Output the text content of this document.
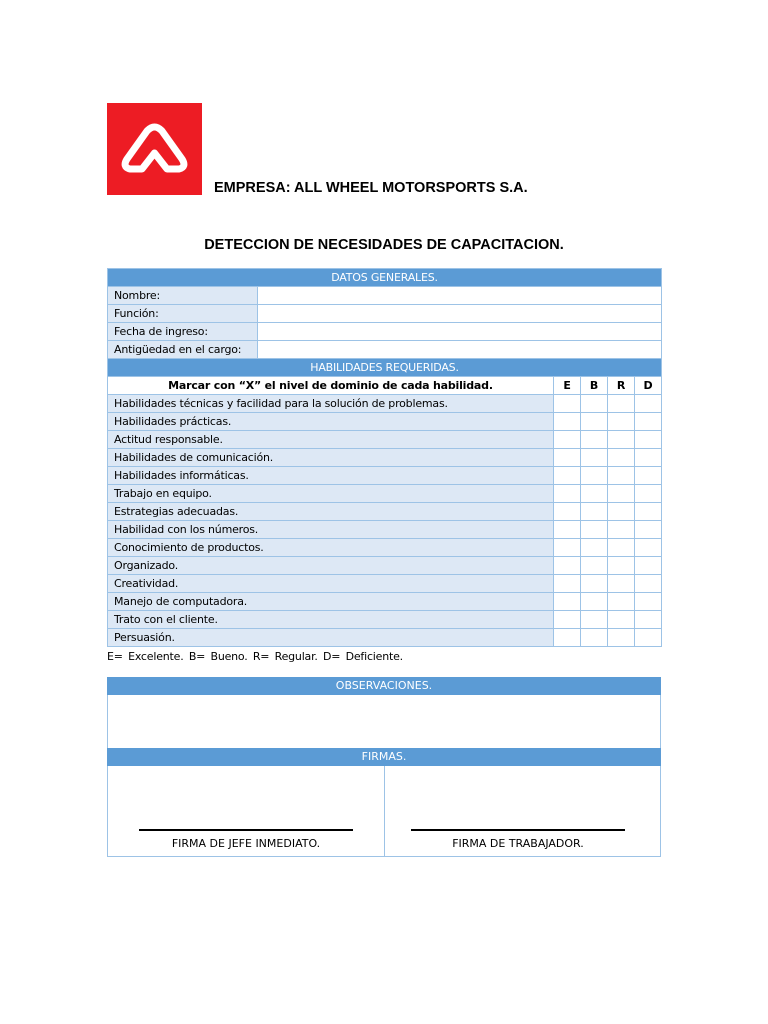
EMPRESA: ALL WHEEL MOTORSPORTS S.A.
DETECCION DE NECESIDADES DE CAPACITACION.
DATOS GENERALES.					
Nombre:					
Función:					
Fecha de ingreso:					
Antigüedad en el cargo:					
HABILIDADES REQUERIDAS.					
Marcar con “X” el nivel de dominio de cada habilidad.		E	B	R	D
Habilidades técnicas y facilidad para la solución de problemas.					
Habilidades prácticas.					
Actitud responsable.					
Habilidades de comunicación.					
Habilidades informáticas.					
Trabajo en equipo.					
Estrategias adecuadas.					
Habilidad con los números.					
Conocimiento de productos.					
Organizado.					
Creatividad.					
Manejo de computadora.					
Trato con el cliente.					
Persuasión.					
E= Excelente. B= Bueno. R= Regular. D= Deficiente.
OBSERVACIONES.
FIRMAS.
FIRMA DE JEFE INMEDIATO.	FIRMA DE TRABAJADOR.
